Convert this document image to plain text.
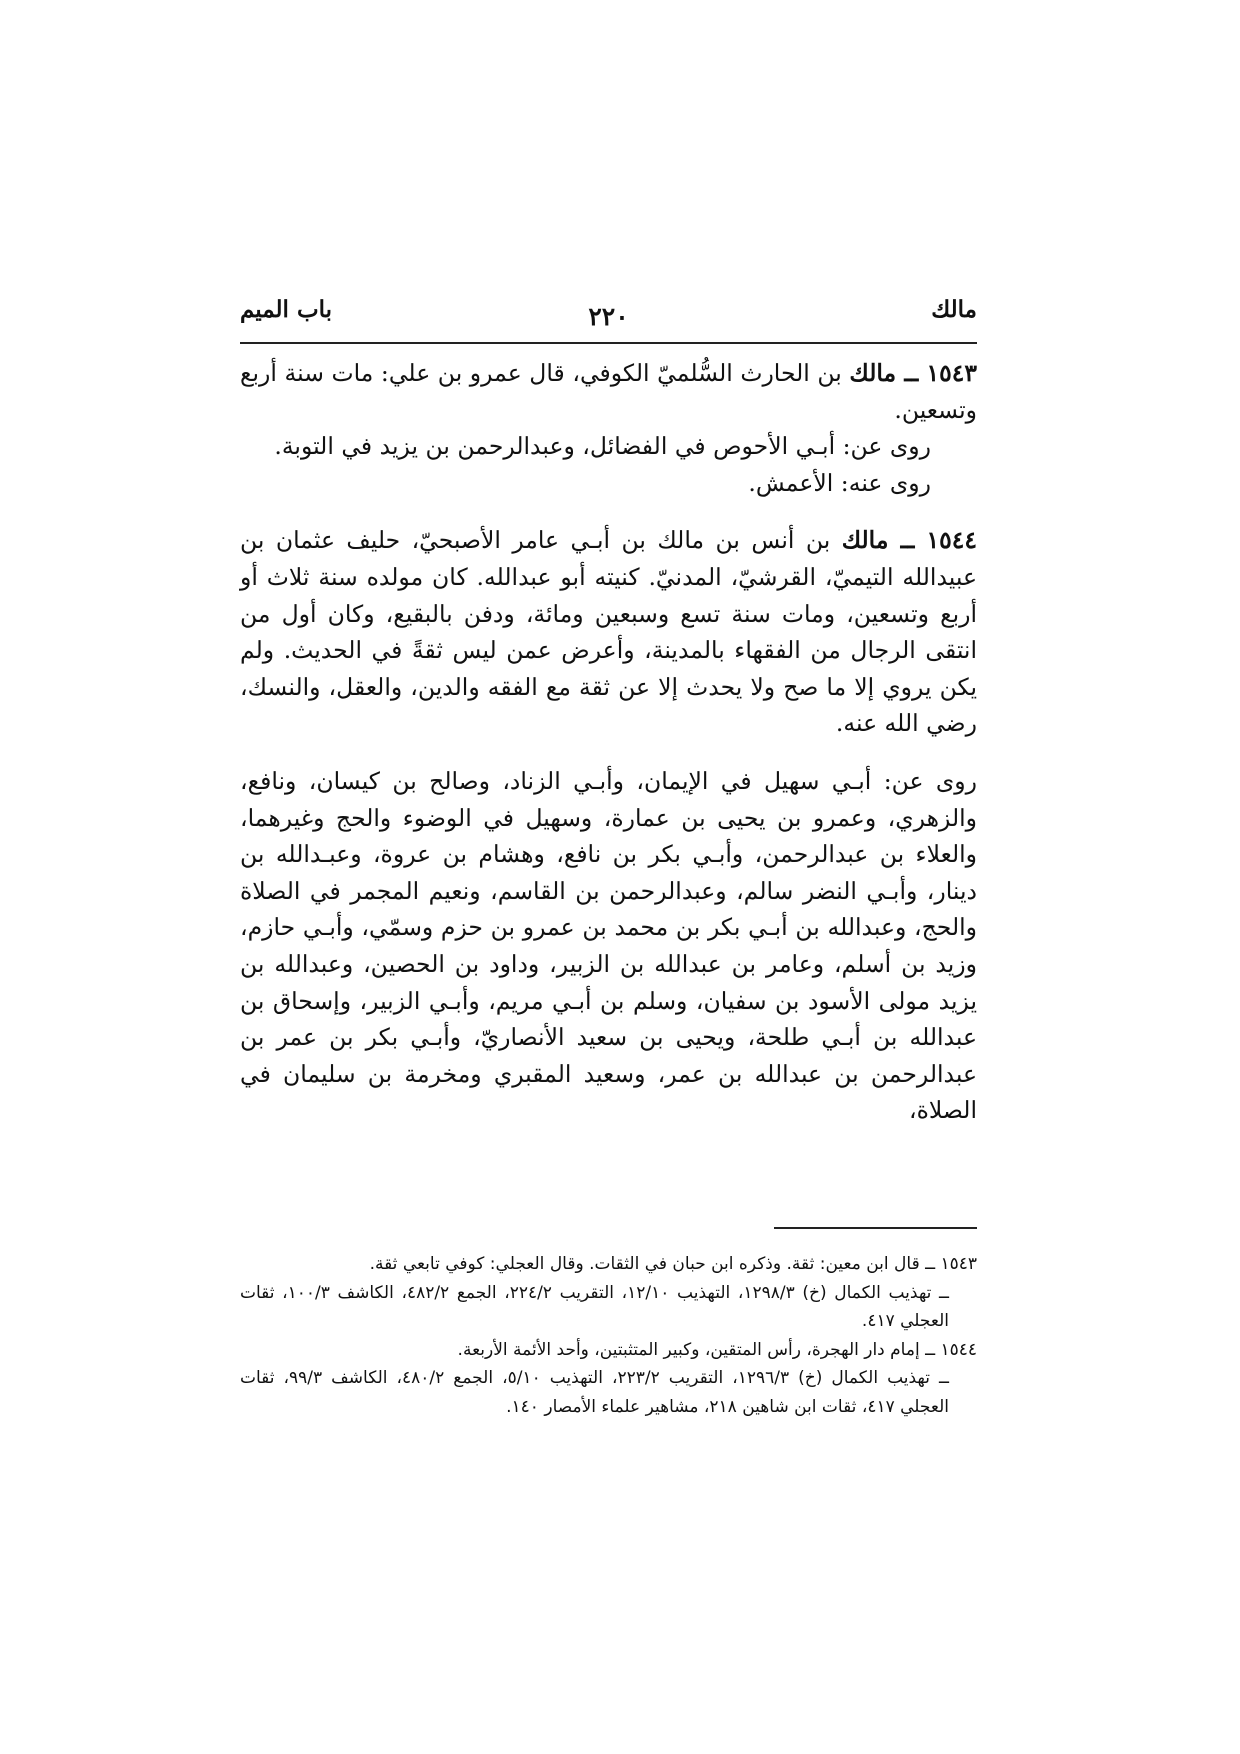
مالك
٢٢٠
باب الميم

١٥٤٣ ــ مالك بن الحارث السُّلميّ الكوفي، قال عمرو بن علي: مات سنة أربع وتسعين.

روى عن: أبـي الأحوص في الفضائل، وعبدالرحمن بن يزيد في التوبة.

روى عنه: الأعمش.

١٥٤٤ ــ مالك بن أنس بن مالك بن أبـي عامر الأصبحيّ، حليف عثمان بن عبيدالله التيميّ، القرشيّ، المدنيّ. كنيته أبو عبدالله. كان مولده سنة ثلاث أو أربع وتسعين، ومات سنة تسع وسبعين ومائة، ودفن بالبقيع، وكان أول من انتقى الرجال من الفقهاء بالمدينة، وأعرض عمن ليس ثقةً في الحديث. ولم يكن يروي إلا ما صح ولا يحدث إلا عن ثقة مع الفقه والدين، والعقل، والنسك، رضي الله عنه.

روى عن: أبـي سهيل في الإيمان، وأبـي الزناد، وصالح بن كيسان، ونافع، والزهري، وعمرو بن يحيى بن عمارة، وسهيل في الوضوء والحج وغيرهما، والعلاء بن عبدالرحمن، وأبـي بكر بن نافع، وهشام بن عروة، وعبـدالله بن دينار، وأبـي النضر سالم، وعبدالرحمن بن القاسم، ونعيم المجمر في الصلاة والحج، وعبدالله بن أبـي بكر بن محمد بن عمرو بن حزم وسمّي، وأبـي حازم، وزيد بن أسلم، وعامر بن عبدالله بن الزبير، وداود بن الحصين، وعبدالله بن يزيد مولى الأسود بن سفيان، وسلم بن أبـي مريم، وأبـي الزبير، وإسحاق بن عبدالله بن أبـي طلحة، ويحيى بن سعيد الأنصاريّ، وأبـي بكر بن عمر بن عبدالرحمن بن عبدالله بن عمر، وسعيد المقبري ومخرمة بن سليمان في الصلاة،

١٥٤٣ ــ قال ابن معين: ثقة. وذكره ابن حبان في الثقات. وقال العجلي: كوفي تابعي ثقة.

ــ تهذيب الكمال (خ) ١٢٩٨/٣، التهذيب ١٢/١٠، التقريب ٢٢٤/٢، الجمع ٤٨٢/٢، الكاشف ١٠٠/٣، ثقات العجلي ٤١٧.

١٥٤٤ ــ إمام دار الهجرة، رأس المتقين، وكبير المتثبتين، وأحد الأئمة الأربعة.

ــ تهذيب الكمال (خ) ١٢٩٦/٣، التقريب ٢٢٣/٢، التهذيب ٥/١٠، الجمع ٤٨٠/٢، الكاشف ٩٩/٣، ثقات العجلي ٤١٧، ثقات ابن شاهين ٢١٨، مشاهير علماء الأمصار ١٤٠.
